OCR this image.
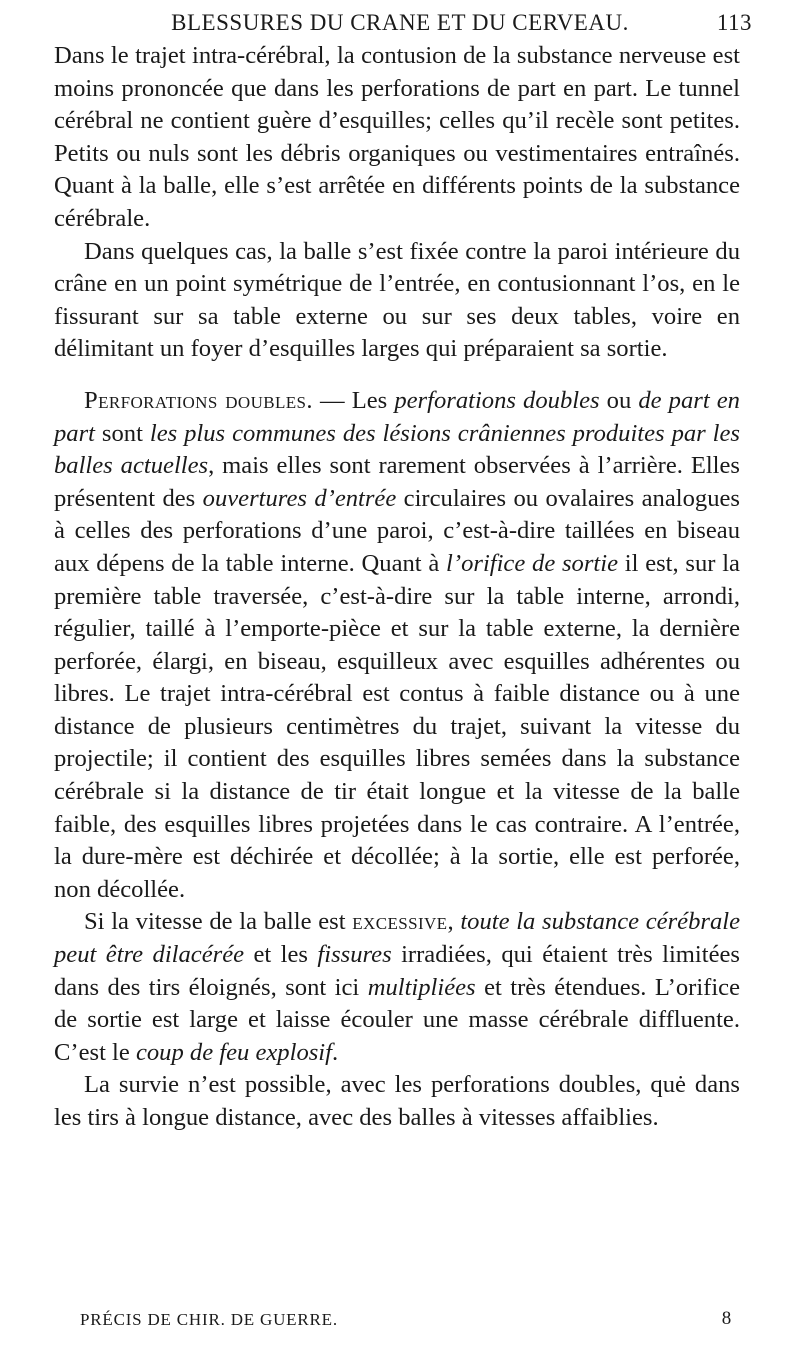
BLESSURES DU CRANE ET DU CERVEAU.	113

Dans le trajet intra-cérébral, la contusion de la substance nerveuse est moins prononcée que dans les perforations de part en part. Le tunnel cérébral ne contient guère d’esquilles; celles qu’il recèle sont petites. Petits ou nuls sont les débris organiques ou vestimentaires entraînés. Quant à la balle, elle s’est arrêtée en différents points de la substance cérébrale.

Dans quelques cas, la balle s’est fixée contre la paroi intérieure du crâne en un point symétrique de l’entrée, en contusionnant l’os, en le fissurant sur sa table externe ou sur ses deux tables, voire en délimitant un foyer d’esquilles larges qui préparaient sa sortie.

Perforations doubles. — Les perforations doubles ou de part en part sont les plus communes des lésions crâniennes produites par les balles actuelles, mais elles sont rarement observées à l’arrière. Elles présentent des ouvertures d’entrée circulaires ou ovalaires analogues à celles des perforations d’une paroi, c’est-à-dire taillées en biseau aux dépens de la table interne. Quant à l’orifice de sortie il est, sur la première table traversée, c’est-à-dire sur la table interne, arrondi, régulier, taillé à l’emporte-pièce et sur la table externe, la dernière perforée, élargi, en biseau, esquilleux avec esquilles adhérentes ou libres. Le trajet intra-cérébral est contus à faible distance ou à une distance de plusieurs centimètres du trajet, suivant la vitesse du projectile; il contient des esquilles libres semées dans la substance cérébrale si la distance de tir était longue et la vitesse de la balle faible, des esquilles libres projetées dans le cas contraire. A l’entrée, la dure-mère est déchirée et décollée; à la sortie, elle est perforée, non décollée.

Si la vitesse de la balle est excessive, toute la substance cérébrale peut être dilacérée et les fissures irradiées, qui étaient très limitées dans des tirs éloignés, sont ici multipliées et très étendues. L’orifice de sortie est large et laisse écouler une masse cérébrale diffluente. C’est le coup de feu explosif.

La survie n’est possible, avec les perforations doubles, quė dans les tirs à longue distance, avec des balles à vitesses affaiblies.

PRÉCIS DE CHIR. DE GUERRE.	8
